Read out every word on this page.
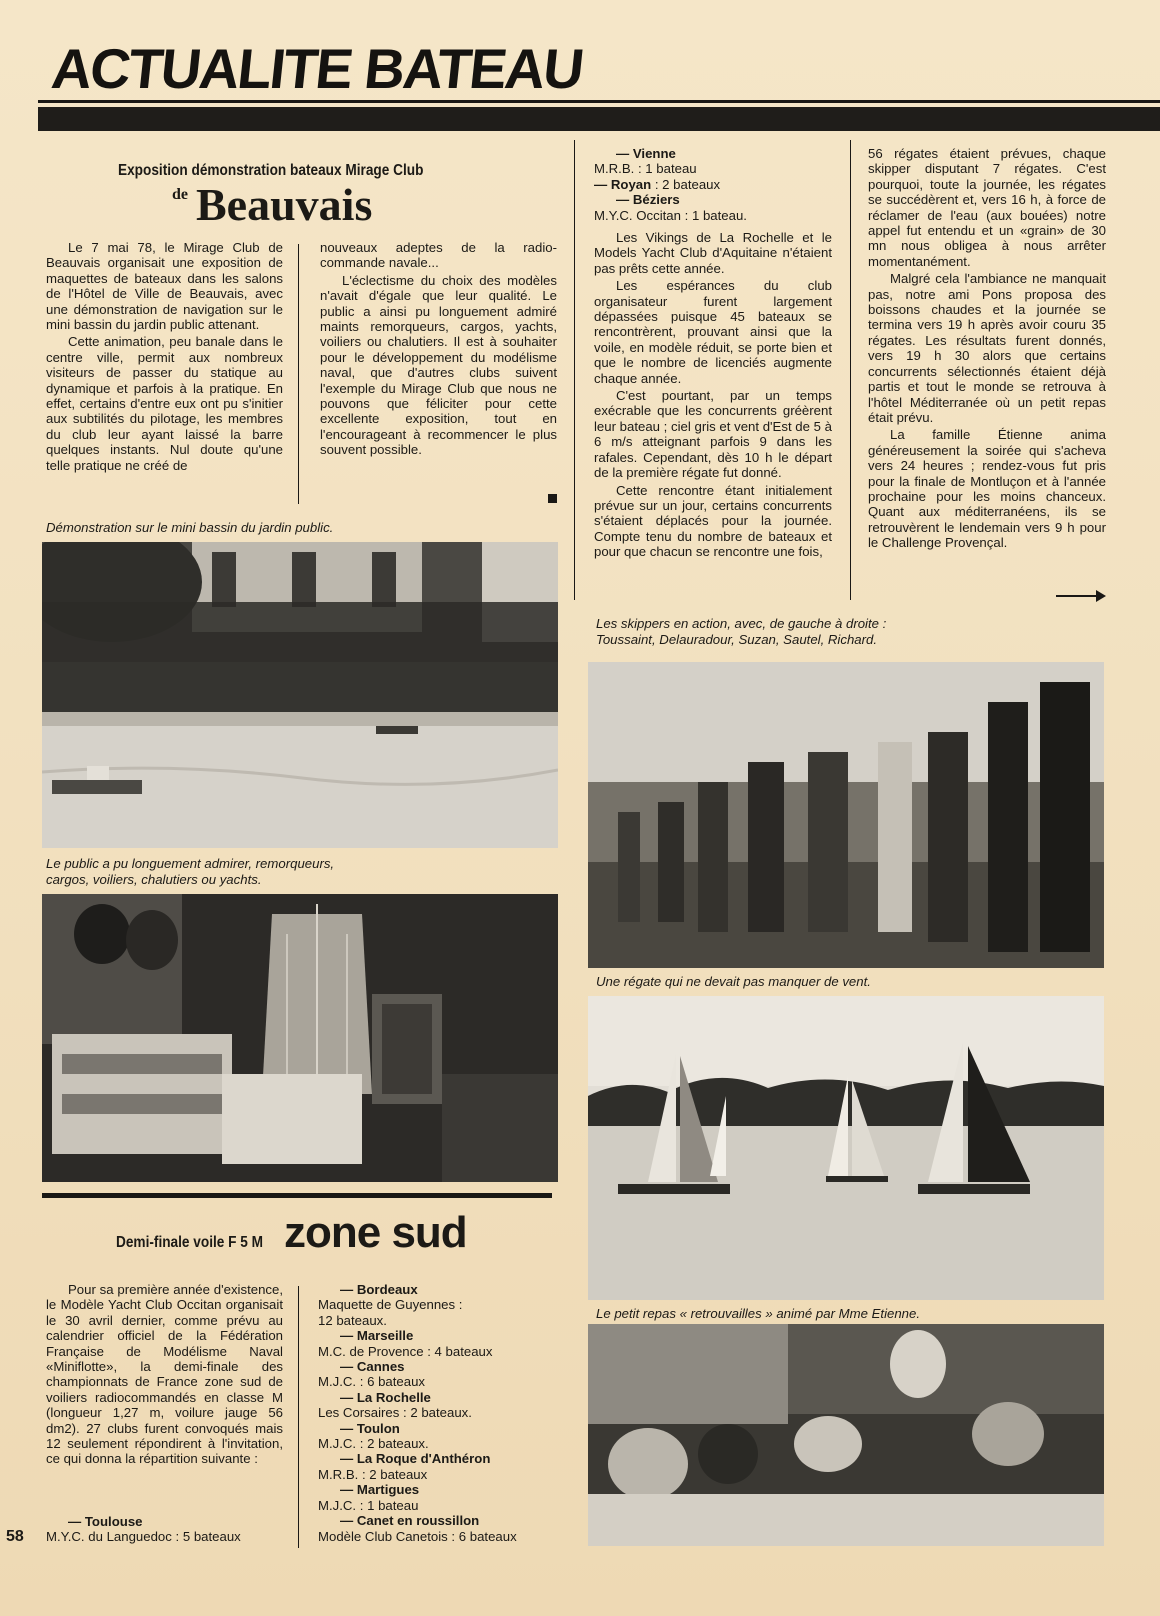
ACTUALITE BATEAU
Exposition démonstration bateaux Mirage Club
de Beauvais

Le 7 mai 78, le Mirage Club de Beauvais organisait une exposition de maquettes de bateaux dans les salons de l'Hôtel de Ville de Beauvais, avec une démonstration de navigation sur le mini bassin du jardin public attenant.

Cette animation, peu banale dans le centre ville, permit aux nombreux visiteurs de passer du statique au dynamique et parfois à la pratique. En effet, certains d'entre eux ont pu s'initier aux subtilités du pilotage, les membres du club leur ayant laissé la barre quelques instants. Nul doute qu'une telle pratique ne créé de

nouveaux adeptes de la radio-commande navale...

L'éclectisme du choix des modèles n'avait d'égale que leur qualité. Le public a ainsi pu longuement admiré maints remorqueurs, cargos, yachts, voiliers ou chalutiers. Il est à souhaiter pour le développement du modélisme naval, que d'autres clubs suivent l'exemple du Mirage Club que nous ne pouvons que féliciter pour cette excellente exposition, tout en l'encourageant à recommencer le plus souvent possible.

Démonstration sur le mini bassin du jardin public.
Le public a pu longuement admirer, remorqueurs,
cargos, voiliers, chalutiers ou yachts.
Demi-finale voile F 5 M zone sud

Pour sa première année d'existence, le Modèle Yacht Club Occitan organisait le 30 avril dernier, comme prévu au calendrier officiel de la Fédération Française de Modélisme Naval «Miniflotte», la demi-finale des championnats de France zone sud de voiliers radiocommandés en classe M (longueur 1,27 m, voilure jauge 56 dm2). 27 clubs furent convoqués mais 12 seulement répondirent à l'invitation, ce qui donna la répartition suivante :

— Toulouse
M.Y.C. du Languedoc : 5 bateaux
— Bordeaux
Maquette de Guyennes :
12 bateaux.
— Marseille
M.C. de Provence : 4 bateaux
— Cannes
M.J.C. : 6 bateaux
— La Rochelle
Les Corsaires : 2 bateaux.
— Toulon
M.J.C. : 2 bateaux.
— La Roque d'Anthéron
M.R.B. : 2 bateaux
— Martigues
M.J.C. : 1 bateau
— Canet en roussillon
Modèle Club Canetois : 6 bateaux
— Vienne
M.R.B. : 1 bateau
— Royan : 2 bateaux
— Béziers
M.Y.C. Occitan : 1 bateau.

Les Vikings de La Rochelle et le Models Yacht Club d'Aquitaine n'étaient pas prêts cette année.

Les espérances du club organisateur furent largement dépassées puisque 45 bateaux se rencontrèrent, prouvant ainsi que la voile, en modèle réduit, se porte bien et que le nombre de licenciés augmente chaque année.

C'est pourtant, par un temps exécrable que les concurrents gréèrent leur bateau ; ciel gris et vent d'Est de 5 à 6 m/s atteignant parfois 9 dans les rafales. Cependant, dès 10 h le départ de la première régate fut donné.

Cette rencontre étant initialement prévue sur un jour, certains concurrents s'étaient déplacés pour la journée. Compte tenu du nombre de bateaux et pour que chacun se rencontre une fois,

56 régates étaient prévues, chaque skipper disputant 7 régates. C'est pourquoi, toute la journée, les régates se succédèrent et, vers 16 h, à force de réclamer de l'eau (aux bouées) notre appel fut entendu et un «grain» de 30 mn nous obligea à nous arrêter momentanément.

Malgré cela l'ambiance ne manquait pas, notre ami Pons proposa des boissons chaudes et la journée se termina vers 19 h après avoir couru 35 régates. Les résultats furent donnés, vers 19 h 30 alors que certains concurrents sélectionnés étaient déjà partis et tout le monde se retrouva à l'hôtel Méditerranée où un petit repas était prévu.

La famille Étienne anima généreusement la soirée qui s'acheva vers 24 heures ; rendez-vous fut pris pour la finale de Montluçon et à l'année prochaine pour les moins chanceux. Quant aux méditerranéens, ils se retrouvèrent le lendemain vers 9 h pour le Challenge Provençal.

Les skippers en action, avec, de gauche à droite :
Toussaint, Delauradour, Suzan, Sautel, Richard.
Une régate qui ne devait pas manquer de vent.
Le petit repas « retrouvailles » animé par Mme Etienne.
58
